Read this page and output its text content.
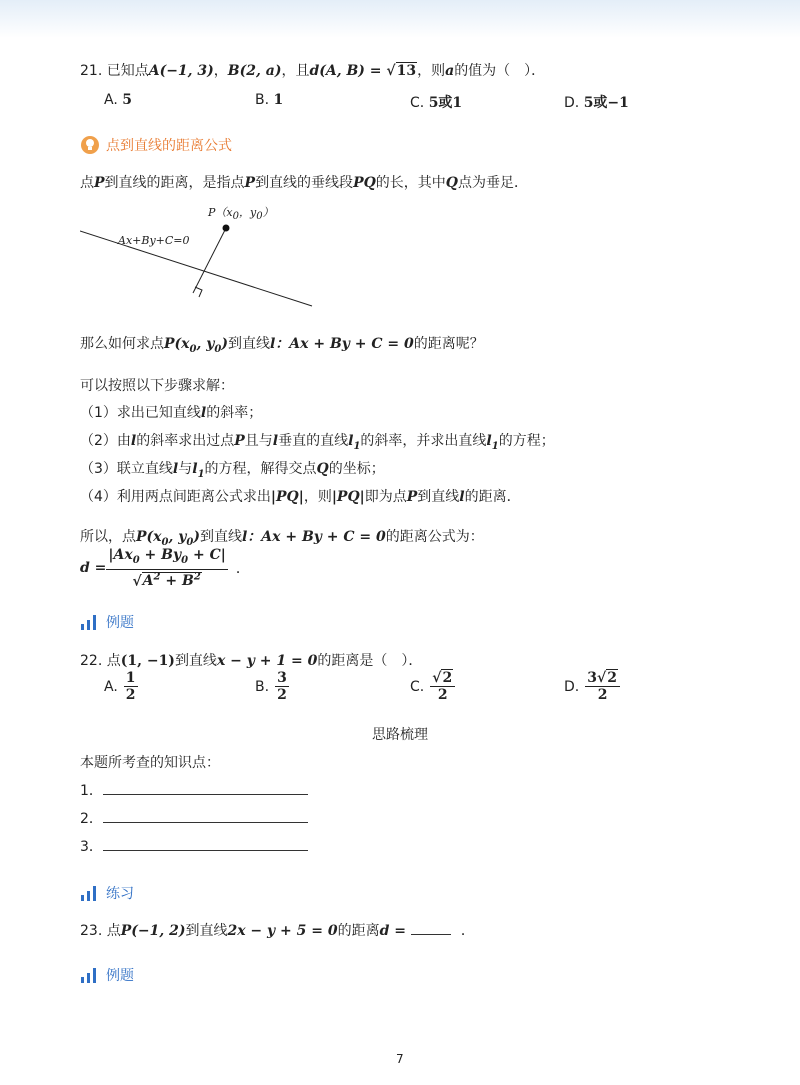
21. 已知点A(−1, 3)，B(2, a)，且d(A, B) = √13，则a的值为（　）．
A. 5	B. 1	C. 5或1	D. 5或−1
点到直线的距离公式
点P到直线的距离，是指点P到直线的垂线段PQ的长，其中Q点为垂足．
$P(x_0$，$y_0$）
Ax+By+C=0
那么如何求点$P(x_0$, $y_0$)到直线l：Ax + By + C = 0的距离呢？
可以按照以下步骤求解：
（1）求出已知直线l的斜率；
（2）由l的斜率求出过点P且与l垂直的直线$l_1$的斜率，并求出直线$l_1$的方程；
（3）联立直线l与$l_1$的方程，解得交点Q的坐标；
（4）利用两点间距离公式求出|PQ|，则|PQ|即为点P到直线l的距离．
所以，点$P(x_0$, $y_0$)到直线l：Ax + By + C = 0的距离公式为：
$d = \frac{|Ax_0 + By_0 + C|}{√A^2 + B^2}$ ．
例题
22. 点(1, −1)到直线x − y + 1 = 0的距离是（　）．
A. $\frac{1}{2}$	B. $\frac{3}{2}$	C. $\frac{√2}{2}$	D. $\frac{3√2}{2}$
思路梳理
本题所考查的知识点：
1．
2．
3．
练习
23. 点P(−1, 2)到直线2x − y + 5 = 0的距离d =	．
例题
7
